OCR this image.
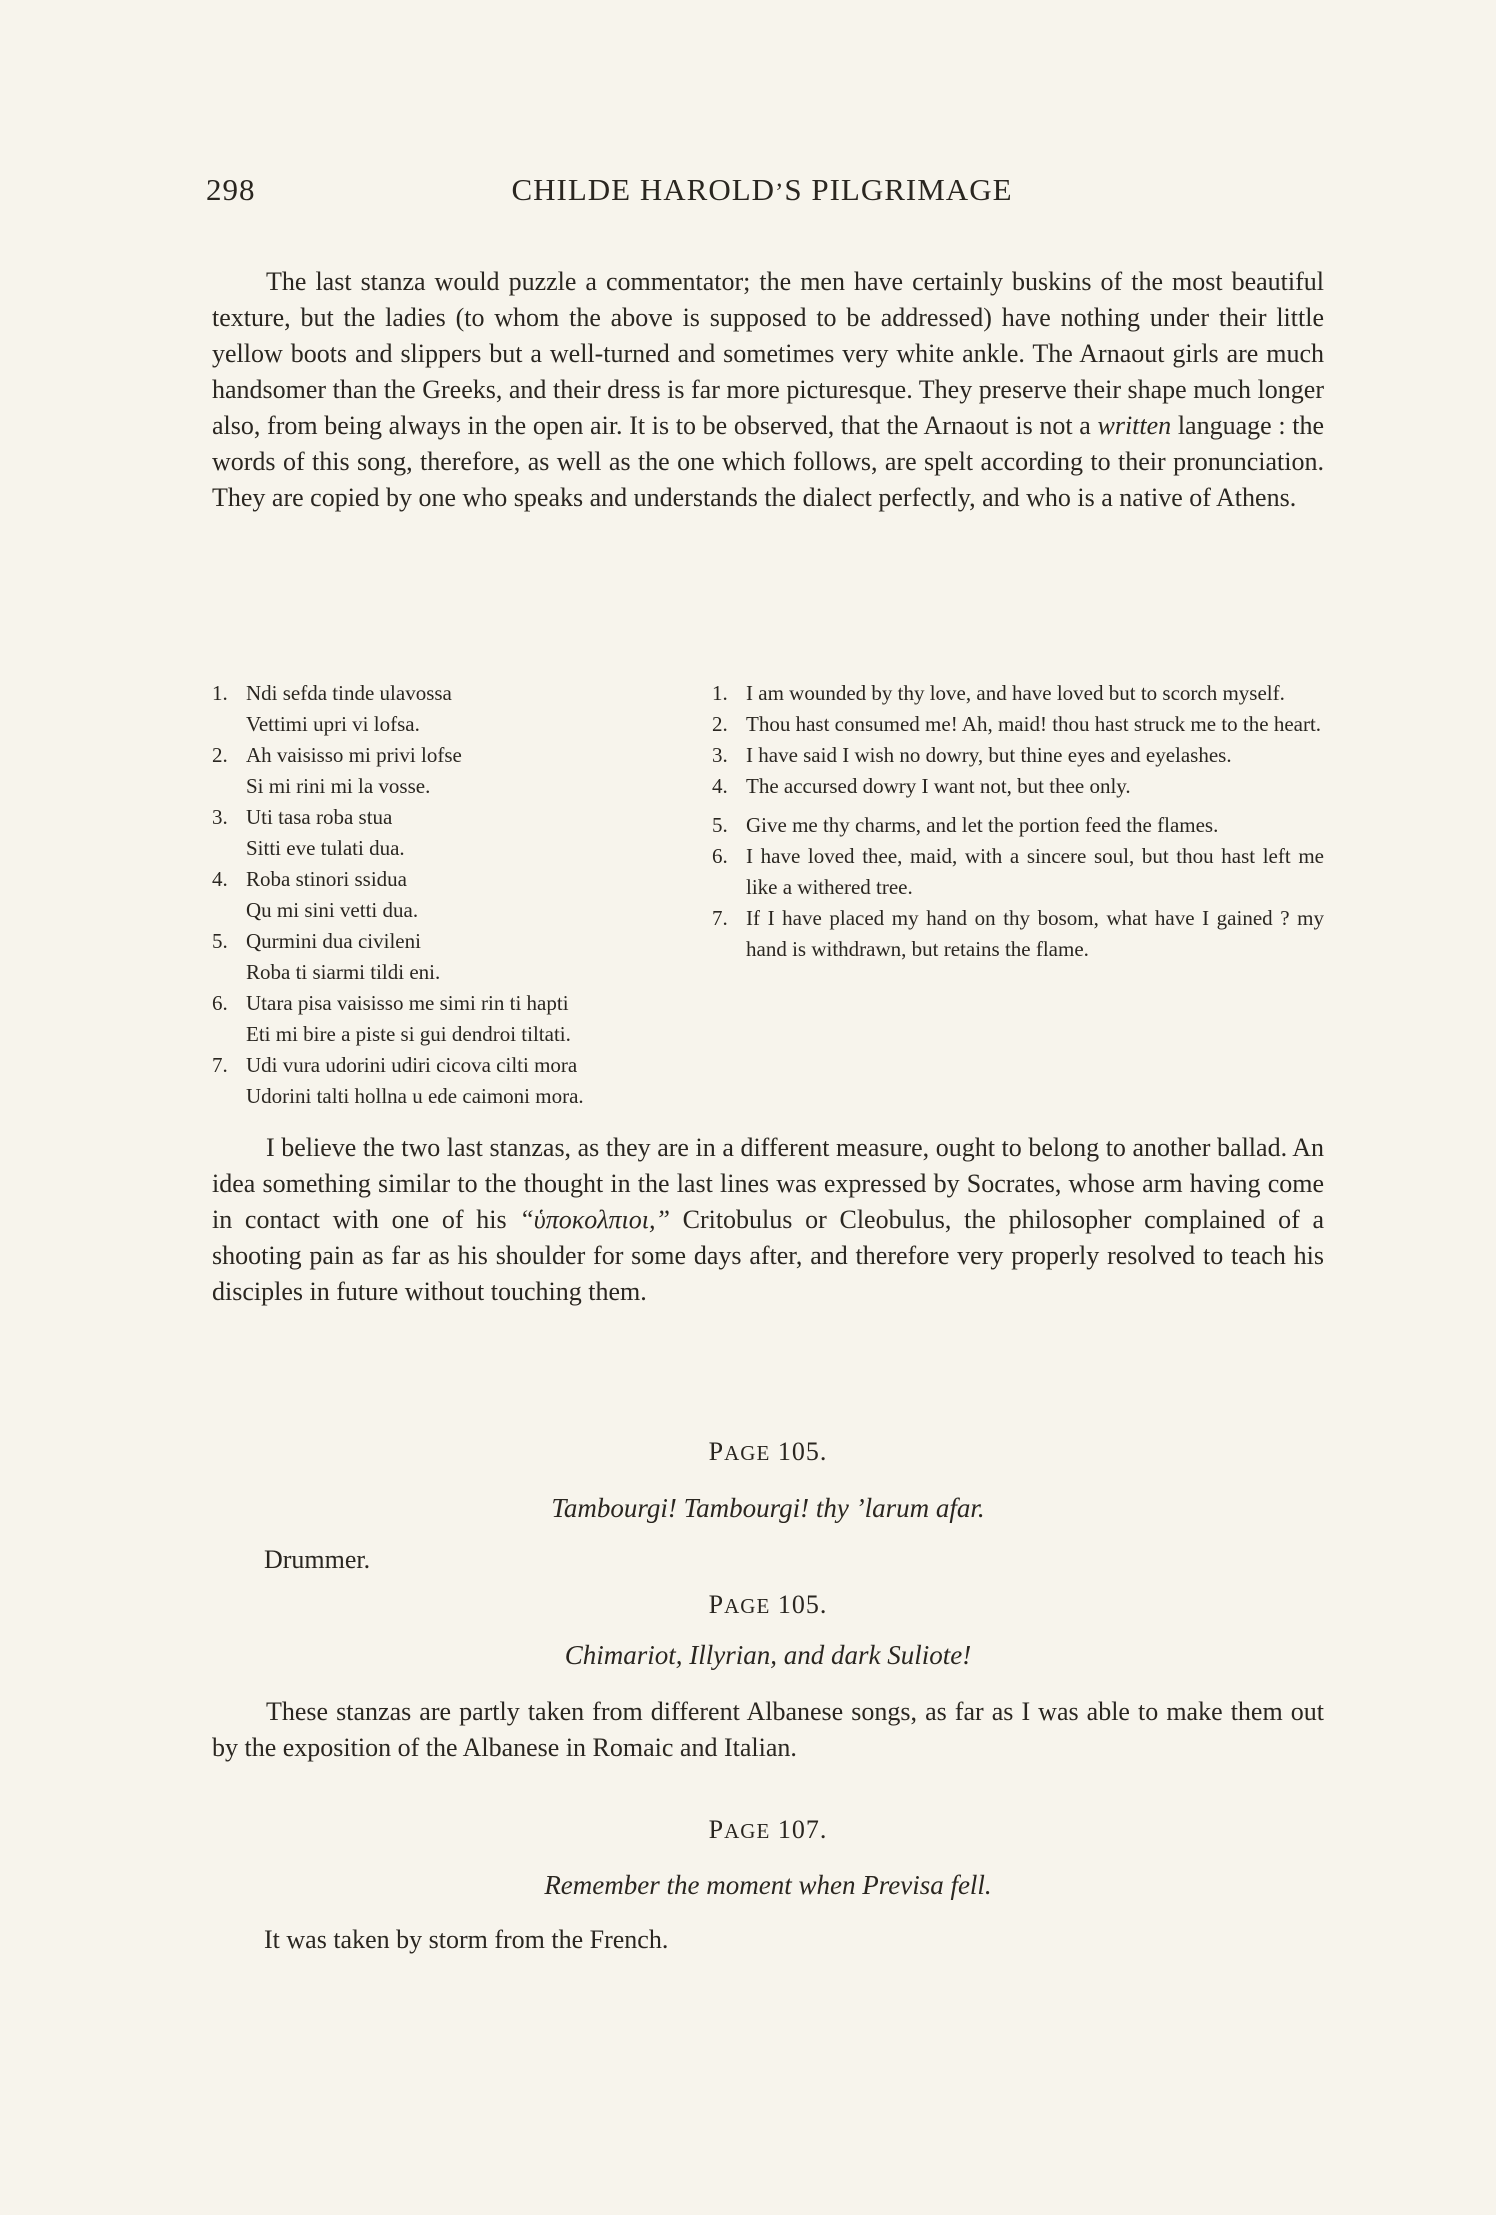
298	CHILDE HAROLD’S PILGRIMAGE

The last stanza would puzzle a commentator; the men have certainly buskins of the most beautiful texture, but the ladies (to whom the above is supposed to be addressed) have nothing under their little yellow boots and slippers but a well-turned and sometimes very white ankle. The Arnaout girls are much handsomer than the Greeks, and their dress is far more picturesque. They preserve their shape much longer also, from being always in the open air. It is to be observed, that the Arnaout is not a written language : the words of this song, therefore, as well as the one which follows, are spelt according to their pronunciation. They are copied by one who speaks and understands the dialect perfectly, and who is a native of Athens.

1. Ndi sefda tinde ulavossa
Vettimi upri vi lofsa.
2. Ah vaisisso mi privi lofse
Si mi rini mi la vosse.
3. Uti tasa roba stua
Sitti eve tulati dua.
4. Roba stinori ssidua
Qu mi sini vetti dua.
5. Qurmini dua civileni
Roba ti siarmi tildi eni.
6. Utara pisa vaisisso me simi rin ti hapti
Eti mi bire a piste si gui dendroi tiltati.
7. Udi vura udorini udiri cicova cilti mora
Udorini talti hollna u ede caimoni mora.
1. I am wounded by thy love, and have loved but to scorch myself.
2. Thou hast consumed me! Ah, maid! thou hast struck me to the heart.
3. I have said I wish no dowry, but thine eyes and eyelashes.
4. The accursed dowry I want not, but thee only.
5. Give me thy charms, and let the portion feed the flames.
6. I have loved thee, maid, with a sincere soul, but thou hast left me like a withered tree.
7. If I have placed my hand on thy bosom, what have I gained ? my hand is withdrawn, but retains the flame.

I believe the two last stanzas, as they are in a different measure, ought to belong to another ballad. An idea something similar to the thought in the last lines was expressed by Socrates, whose arm having come in contact with one of his “ὑποκολπιοι,” Critobulus or Cleobulus, the philosopher complained of a shooting pain as far as his shoulder for some days after, and therefore very properly resolved to teach his disciples in future without touching them.

PAGE 105.
Tambourgi! Tambourgi! thy ’larum afar.
Drummer.
PAGE 105.
Chimariot, Illyrian, and dark Suliote!

These stanzas are partly taken from different Albanese songs, as far as I was able to make them out by the exposition of the Albanese in Romaic and Italian.

PAGE 107.
Remember the moment when Previsa fell.
It was taken by storm from the French.
